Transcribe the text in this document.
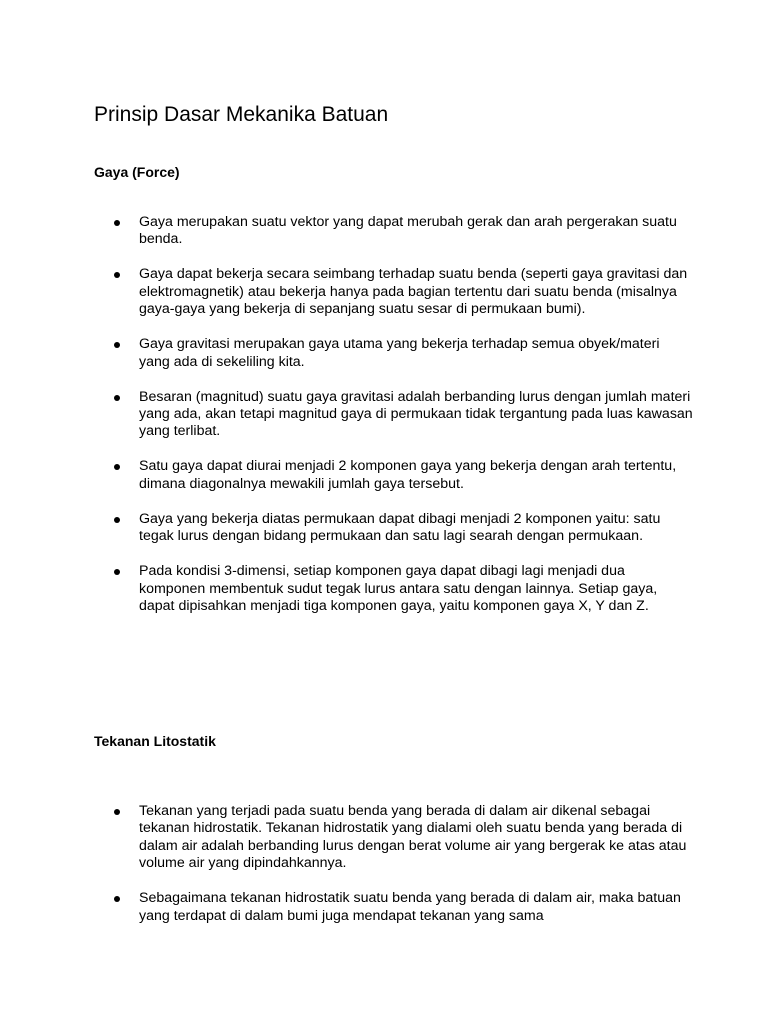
Prinsip Dasar Mekanika Batuan
Gaya (Force)
Gaya merupakan suatu vektor yang dapat merubah gerak dan arah pergerakan suatu benda.
Gaya dapat bekerja secara seimbang terhadap suatu benda (seperti gaya gravitasi dan elektromagnetik) atau bekerja hanya pada bagian tertentu dari suatu benda (misalnya gaya-gaya yang bekerja di sepanjang suatu sesar di permukaan bumi).
Gaya gravitasi merupakan gaya utama yang bekerja terhadap semua obyek/materi yang ada di sekeliling kita.
Besaran (magnitud) suatu gaya gravitasi adalah berbanding lurus dengan jumlah materi yang ada, akan tetapi magnitud gaya di permukaan tidak tergantung pada luas kawasan yang terlibat.
Satu gaya dapat diurai menjadi 2 komponen gaya yang bekerja dengan arah tertentu, dimana diagonalnya mewakili jumlah gaya tersebut.
Gaya yang bekerja diatas permukaan dapat dibagi menjadi 2 komponen yaitu: satu tegak lurus dengan bidang permukaan dan satu lagi searah dengan permukaan.
Pada kondisi 3-dimensi, setiap komponen gaya dapat dibagi lagi menjadi dua komponen membentuk sudut tegak lurus antara satu dengan lainnya. Setiap gaya, dapat dipisahkan menjadi tiga komponen gaya, yaitu komponen gaya X, Y dan Z.
Tekanan Litostatik
Tekanan yang terjadi pada suatu benda yang berada di dalam air dikenal sebagai tekanan hidrostatik. Tekanan hidrostatik yang dialami oleh suatu benda yang berada di dalam air adalah berbanding lurus dengan berat volume air yang bergerak ke atas atau volume air yang dipindahkannya.
Sebagaimana tekanan hidrostatik suatu benda yang berada di dalam air, maka batuan yang terdapat di dalam bumi juga mendapat tekanan yang sama
